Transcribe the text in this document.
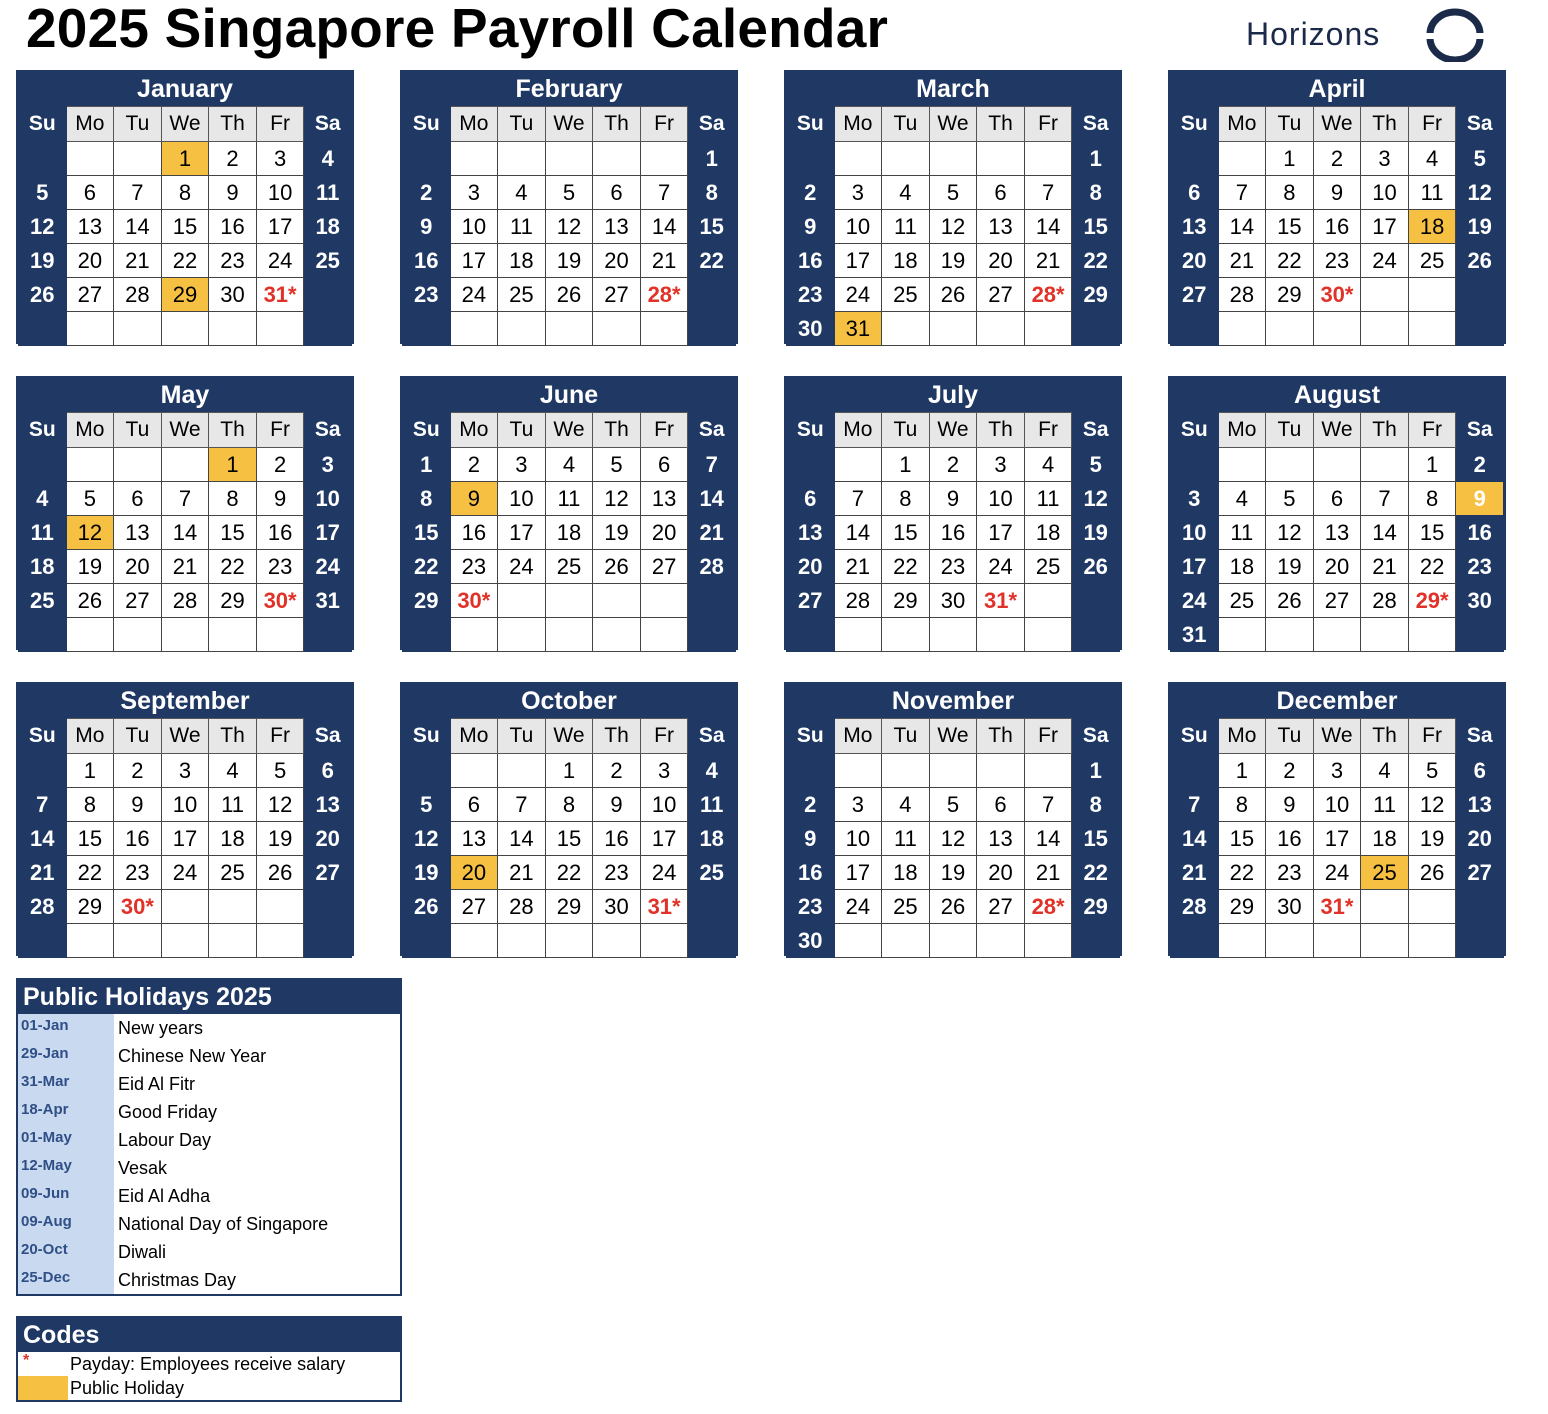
2025 Singapore Payroll Calendar	Horizons
January
Su	Mo	Tu	We	Th	Fr	Sa
			1	2	3	4
5	6	7	8	9	10	11
12	13	14	15	16	17	18
19	20	21	22	23	24	25
26	27	28	29	30	31*	

February
Su	Mo	Tu	We	Th	Fr	Sa
						1
2	3	4	5	6	7	8
9	10	11	12	13	14	15
16	17	18	19	20	21	22
23	24	25	26	27	28*	

March
Su	Mo	Tu	We	Th	Fr	Sa
						1
2	3	4	5	6	7	8
9	10	11	12	13	14	15
16	17	18	19	20	21	22
23	24	25	26	27	28*	29
30	31					
April
Su	Mo	Tu	We	Th	Fr	Sa
		1	2	3	4	5
6	7	8	9	10	11	12
13	14	15	16	17	18	19
20	21	22	23	24	25	26
27	28	29	30*			

May
Su	Mo	Tu	We	Th	Fr	Sa
				1	2	3
4	5	6	7	8	9	10
11	12	13	14	15	16	17
18	19	20	21	22	23	24
25	26	27	28	29	30*	31

June
Su	Mo	Tu	We	Th	Fr	Sa
1	2	3	4	5	6	7
8	9	10	11	12	13	14
15	16	17	18	19	20	21
22	23	24	25	26	27	28
29	30*					

July
Su	Mo	Tu	We	Th	Fr	Sa
		1	2	3	4	5
6	7	8	9	10	11	12
13	14	15	16	17	18	19
20	21	22	23	24	25	26
27	28	29	30	31*		

August
Su	Mo	Tu	We	Th	Fr	Sa
					1	2
3	4	5	6	7	8	9
10	11	12	13	14	15	16
17	18	19	20	21	22	23
24	25	26	27	28	29*	30
31						
September
Su	Mo	Tu	We	Th	Fr	Sa
	1	2	3	4	5	6
7	8	9	10	11	12	13
14	15	16	17	18	19	20
21	22	23	24	25	26	27
28	29	30*				

October
Su	Mo	Tu	We	Th	Fr	Sa
			1	2	3	4
5	6	7	8	9	10	11
12	13	14	15	16	17	18
19	20	21	22	23	24	25
26	27	28	29	30	31*	

November
Su	Mo	Tu	We	Th	Fr	Sa
						1
2	3	4	5	6	7	8
9	10	11	12	13	14	15
16	17	18	19	20	21	22
23	24	25	26	27	28*	29
30						
December
Su	Mo	Tu	We	Th	Fr	Sa
	1	2	3	4	5	6
7	8	9	10	11	12	13
14	15	16	17	18	19	20
21	22	23	24	25	26	27
28	29	30	31*			

Public Holidays 2025
01-Jan	New years
29-Jan	Chinese New Year
31-Mar	Eid Al Fitr
18-Apr	Good Friday
01-May	Labour Day
12-May	Vesak
09-Jun	Eid Al Adha
09-Aug	National Day of Singapore
20-Oct	Diwali
25-Dec	Christmas Day
Codes
*	Payday: Employees receive salary
Public Holiday
